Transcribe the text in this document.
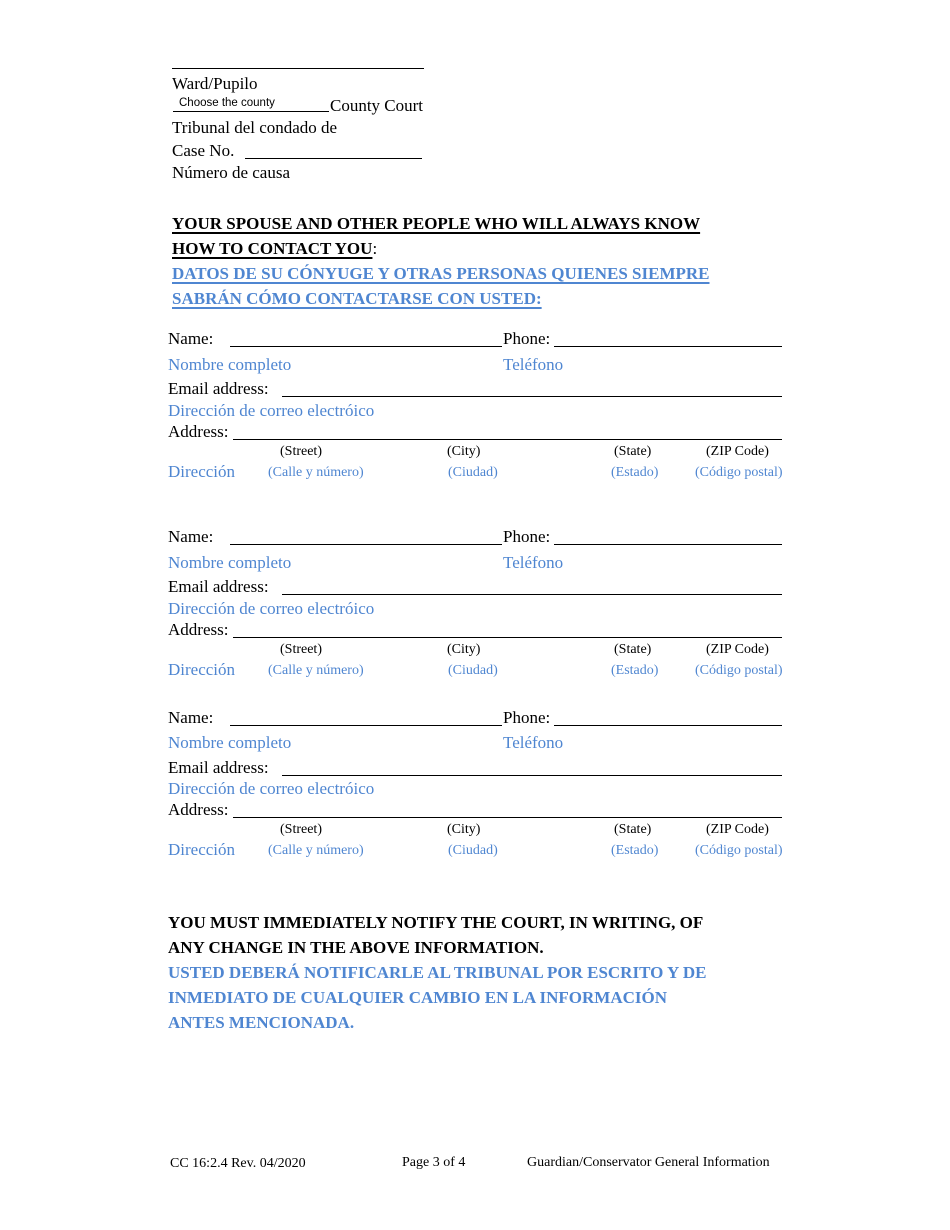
Ward/Pupilo
Choose the county	County Court
Tribunal del condado de
Case No.
Número de causa
YOUR SPOUSE AND OTHER PEOPLE WHO WILL ALWAYS KNOW
HOW TO CONTACT YOU:
DATOS DE SU CÓNYUGE Y OTRAS PERSONAS QUIENES SIEMPRE
SABRÁN CÓMO CONTACTARSE CON USTED:
Name:	Phone:
Nombre completo	Teléfono
Email address:
Dirección de correo electróico
Address:
(Street)	(City)	(State)	(ZIP Code)
Dirección (Calle y número)	(Ciudad)	(Estado)	(Código postal)
Name:	Phone:
Nombre completo	Teléfono
Email address:
Dirección de correo electróico
Address:
(Street)	(City)	(State)	(ZIP Code)
Dirección (Calle y número)	(Ciudad)	(Estado)	(Código postal)
Name:	Phone:
Nombre completo	Teléfono
Email address:
Dirección de correo electróico
Address:
(Street)	(City)	(State)	(ZIP Code)
Dirección (Calle y número)	(Ciudad)	(Estado)	(Código postal)
YOU MUST IMMEDIATELY NOTIFY THE COURT, IN WRITING, OF
ANY CHANGE IN THE ABOVE INFORMATION.
USTED DEBERÁ NOTIFICARLE AL TRIBUNAL POR ESCRITO Y DE
INMEDIATO DE CUALQUIER CAMBIO EN LA INFORMACIÓN
ANTES MENCIONADA.
CC 16:2.4 Rev. 04/2020	Page 3 of 4	Guardian/Conservator General Information
